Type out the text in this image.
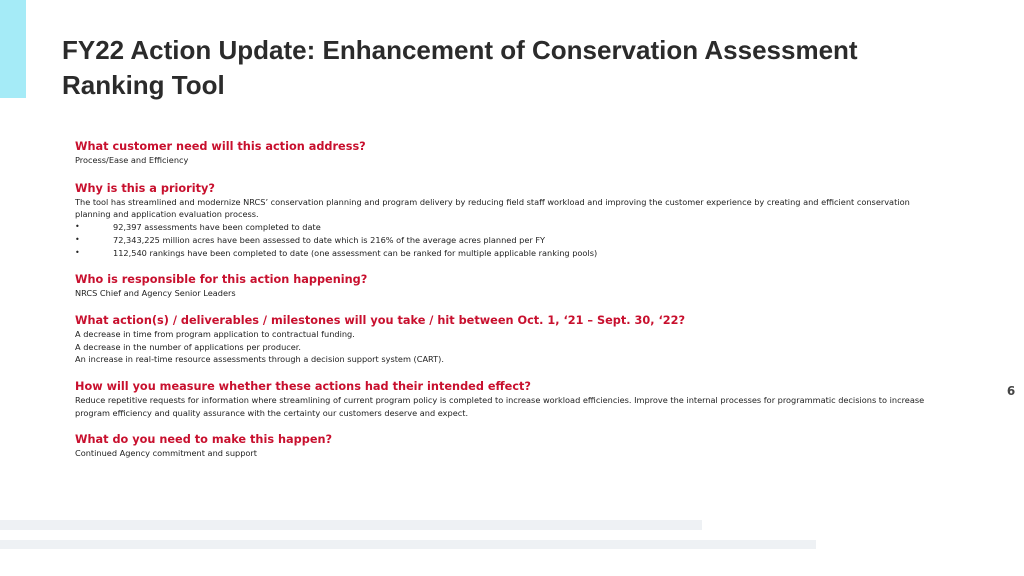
FY22 Action Update: Enhancement of Conservation Assessment Ranking Tool
What customer need will this action address?
Process/Ease and Efficiency
Why is this a priority?

The tool has streamlined and modernize NRCS’ conservation planning and program delivery by reducing field staff workload and improving the customer experience by creating and efficient conservation planning and application evaluation process.

•	92,397 assessments have been completed to date
•	72,343,225 million acres have been assessed to date which is 216% of the average acres planned per FY
•	112,540 rankings have been completed to date (one assessment can be ranked for multiple applicable ranking pools)
Who is responsible for this action happening?
NRCS Chief and Agency Senior Leaders
What action(s) / deliverables / milestones will you take / hit between Oct. 1, ‘21 – Sept. 30, ‘22?

A decrease in time from program application to contractual funding.

A decrease in the number of applications per producer.

An increase in real-time resource assessments through a decision support system (CART).

How will you measure whether these actions had their intended effect?
Reduce repetitive requests for information where streamlining of current program policy is completed to increase workload efficiencies. Improve the internal processes for programmatic decisions to increase program efficiency and quality assurance with the certainty our customers deserve and expect.
What do you need to make this happen?
Continued Agency commitment and support
6
